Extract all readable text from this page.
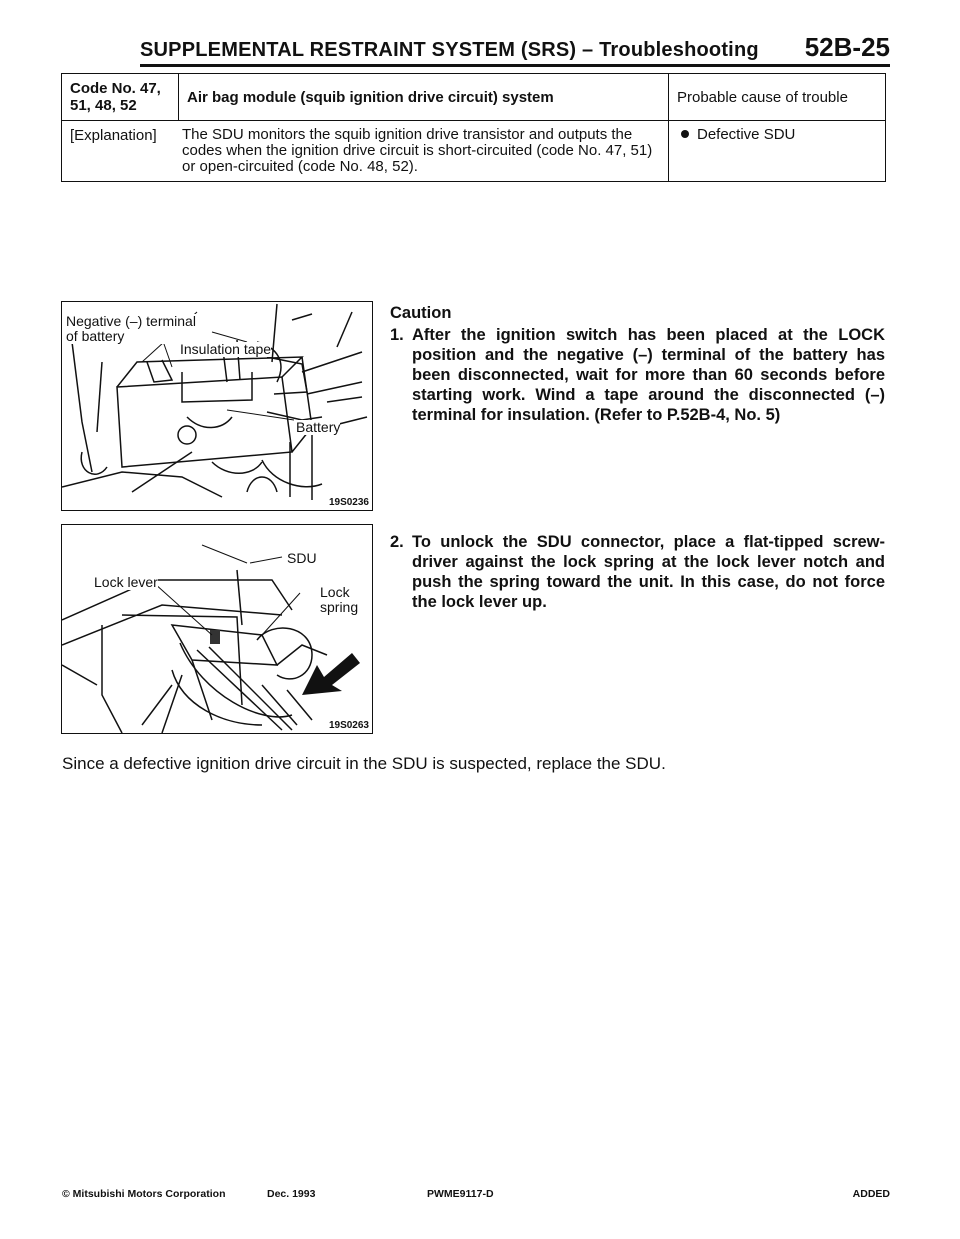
SUPPLEMENTAL RESTRAINT SYSTEM (SRS) – Troubleshooting 52B-25
Code No. 47,
51, 48, 52	Air bag module (squib ignition drive circuit) system	Probable cause of trouble

[Explanation] The SDU monitors the squib ignition drive transistor and outputs the codes when the ignition drive circuit is short-circuited (code No. 47, 51) or open-circuited (code No. 48, 52).		Defective SDU
Negative (–) terminal
of battery
Insulation tape
Battery
19S0236
SDU
Lock lever
Lock
spring
19S0263
Caution
1. After the ignition switch has been placed at the LOCK position and the negative (–) terminal of the battery has been disconnected, wait for more than 60 seconds before starting work. Wind a tape around the disconnected (–) terminal for insulation. (Refer to P.52B-4, No. 5)
2. To unlock the SDU connector, place a flat-tipped screw-driver against the lock spring at the lock lever notch and push the spring toward the unit. In this case, do not force the lock lever up.
Since a defective ignition drive circuit in the SDU is suspected, replace the SDU.
© Mitsubishi Motors Corporation	Dec. 1993	PWME9117-D	ADDED
